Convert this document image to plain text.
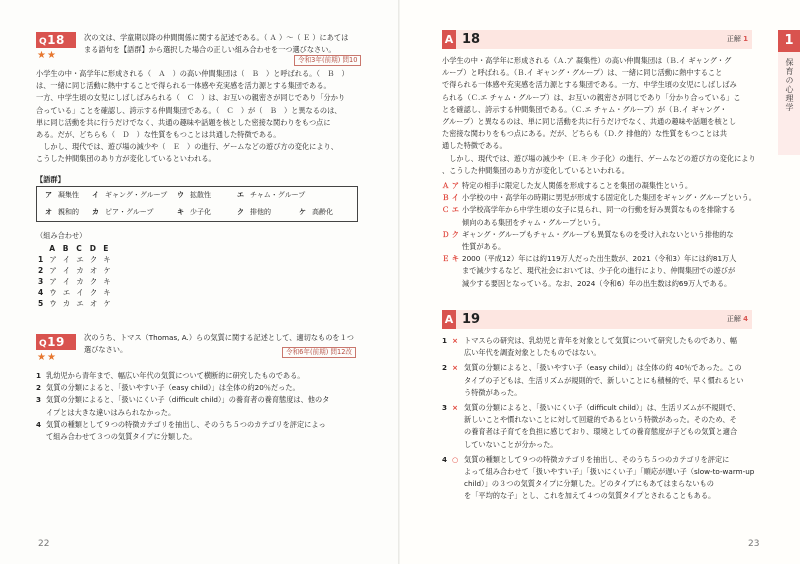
Q18
★★
次の文は、学童期以降の仲間関係に関する記述である。（ Ａ ）～（ Ｅ ）にあては
まる語句を【語群】から選択した場合の正しい組み合わせを一つ選びなさい。
令和3年(前期) 問10
小学生の中・高学年に形成される（　Ａ　）の高い仲間集団は（　Ｂ　）と呼ばれる。（　Ｂ　）
は、一緒に同じ活動に熱中することで得られる一体感や充実感を活力源とする集団である。
一方、中学生頃の女児にしばしばみられる（　Ｃ　）は、お互いの親密さが同じであり「分かり
合っている」ことを確認し、誇示する仲間集団である。（　Ｃ　）が（　Ｂ　）と異なるのは、
単に同じ活動を共に行うだけでなく、共通の趣味や話題を核とした密接な関わりをもつ点に
ある。だが、どちらも（　Ｄ　）な性質をもつことは共通した特徴である。
　しかし、現代では、遊び場の減少や（　Ｅ　）の進行、ゲームなどの遊び方の変化により、
こうした仲間集団のあり方が変化しているといわれる。
【語群】
ア 凝集性 イ ギャング・グループ ウ 拡散性	エ チャム・グループ
オ 親和的 カ ピア・グループ	キ 少子化	ク 排他的	ケ 高齢化
（組み合わせ）
	A	B	C	D	E
1	ア	イ	エ	ク	キ
2	ア	イ	カ	オ	ケ
3	ア	イ	カ	ク	キ
4	ウ	エ	イ	ク	キ
5	ウ	カ	エ	オ	ケ
Q19
★★
次のうち、トマス（Thomas, A.）らの気質に関する記述として、適切なものを１つ
選びなさい。	令和6年(前期) 問12改
1 乳幼児から青年まで、幅広い年代の気質について横断的に研究したものである。
2 気質の分類によると、「扱いやすい子（easy child）」は全体の約20％だった。
3 気質の分類によると、「扱いにくい子（difficult child）」の養育者の養育態度は、他のタ
イプとは大きな違いはみられなかった。
4 気質の種類として９つの特徴カテゴリを抽出し、そのうち５つのカテゴリを評定によっ
て組み合わせて３つの気質タイプに分類した。
22
1
保育の心理学
A 18	正解 1
小学生の中・高学年に形成される（Ａ.ア 凝集性）の高い仲間集団は（Ｂ.イ ギャング・グ
ループ）と呼ばれる。（Ｂ.イ ギャング・グループ）は、一緒に同じ活動に熱中すること
で得られる一体感や充実感を活力源とする集団である。一方、中学生頃の女児にしばしばみ
られる（Ｃ.エ チャム・グループ）は、お互いの親密さが同じであり「分かり合っている」こ
とを確認し、誇示する仲間集団である。（Ｃ.エ チャム・グループ）が（Ｂ.イ ギャング・
グループ）と異なるのは、単に同じ活動を共に行うだけでなく、共通の趣味や話題を核とし
た密接な関わりをもつ点にある。だが、どちらも（Ｄ.ク 排他的）な性質をもつことは共
通した特徴である。
　しかし、現代では、遊び場の減少や（Ｅ.キ 少子化）の進行、ゲームなどの遊び方の変化により
、こうした仲間集団のあり方が変化しているといわれる。
Ａ ア 特定の相手に限定した友人関係を形成することを集団の凝集性という。
Ｂ イ 小学校の中・高学年の時期に男児が形成する固定化した集団をギャング・グループという。
Ｃ エ 小学校高学年から中学生頃の女子に見られ、同一の行動を好み異質なものを排除する
傾向のある集団をチャム・グループという。
Ｄ ク ギャング・グループもチャム・グループも異質なものを受け入れないという排他的な
性質がある。
Ｅ キ 2000（平成12）年には約119万人だった出生数が、2021（令和3）年には約81万人
まで減少するなど、現代社会においては、少子化の進行により、仲間集団での遊びが
減少する要因となっている。なお、2024（令和6）年の出生数は約69万人である。
A 19	正解 4
1 × トマスらの研究は、乳幼児と青年を対象として気質について研究したものであり、幅
広い年代を調査対象としたものではない。
2 × 気質の分類によると、「扱いやすい子（easy child）」は全体の約 40％であった。この
タイプの子どもは、生活リズムが規則的で、新しいことにも積極的で、早く慣れるとい
う特徴があった。
3 × 気質の分類によると、「扱いにくい子（difficult child）」は、生活リズムが不規則で、
新しいことや慣れないことに対して回避的であるという特徴があった。そのため、そ
の養育者は子育てを負担に感じており、環境としての養育態度が子どもの気質と適合
していないことが分かった。
4 ○ 気質の種類として９つの特徴カテゴリを抽出し、そのうち５つのカテゴリを評定に
よって組み合わせて「扱いやすい子」「扱いにくい子」「順応が遅い子（slow-to-warm-up
child）」の３つの気質タイプに分類した。どのタイプにもあてはまらないもの
を「平均的な子」とし、これを加えて４つの気質タイプとされることもある。
23
